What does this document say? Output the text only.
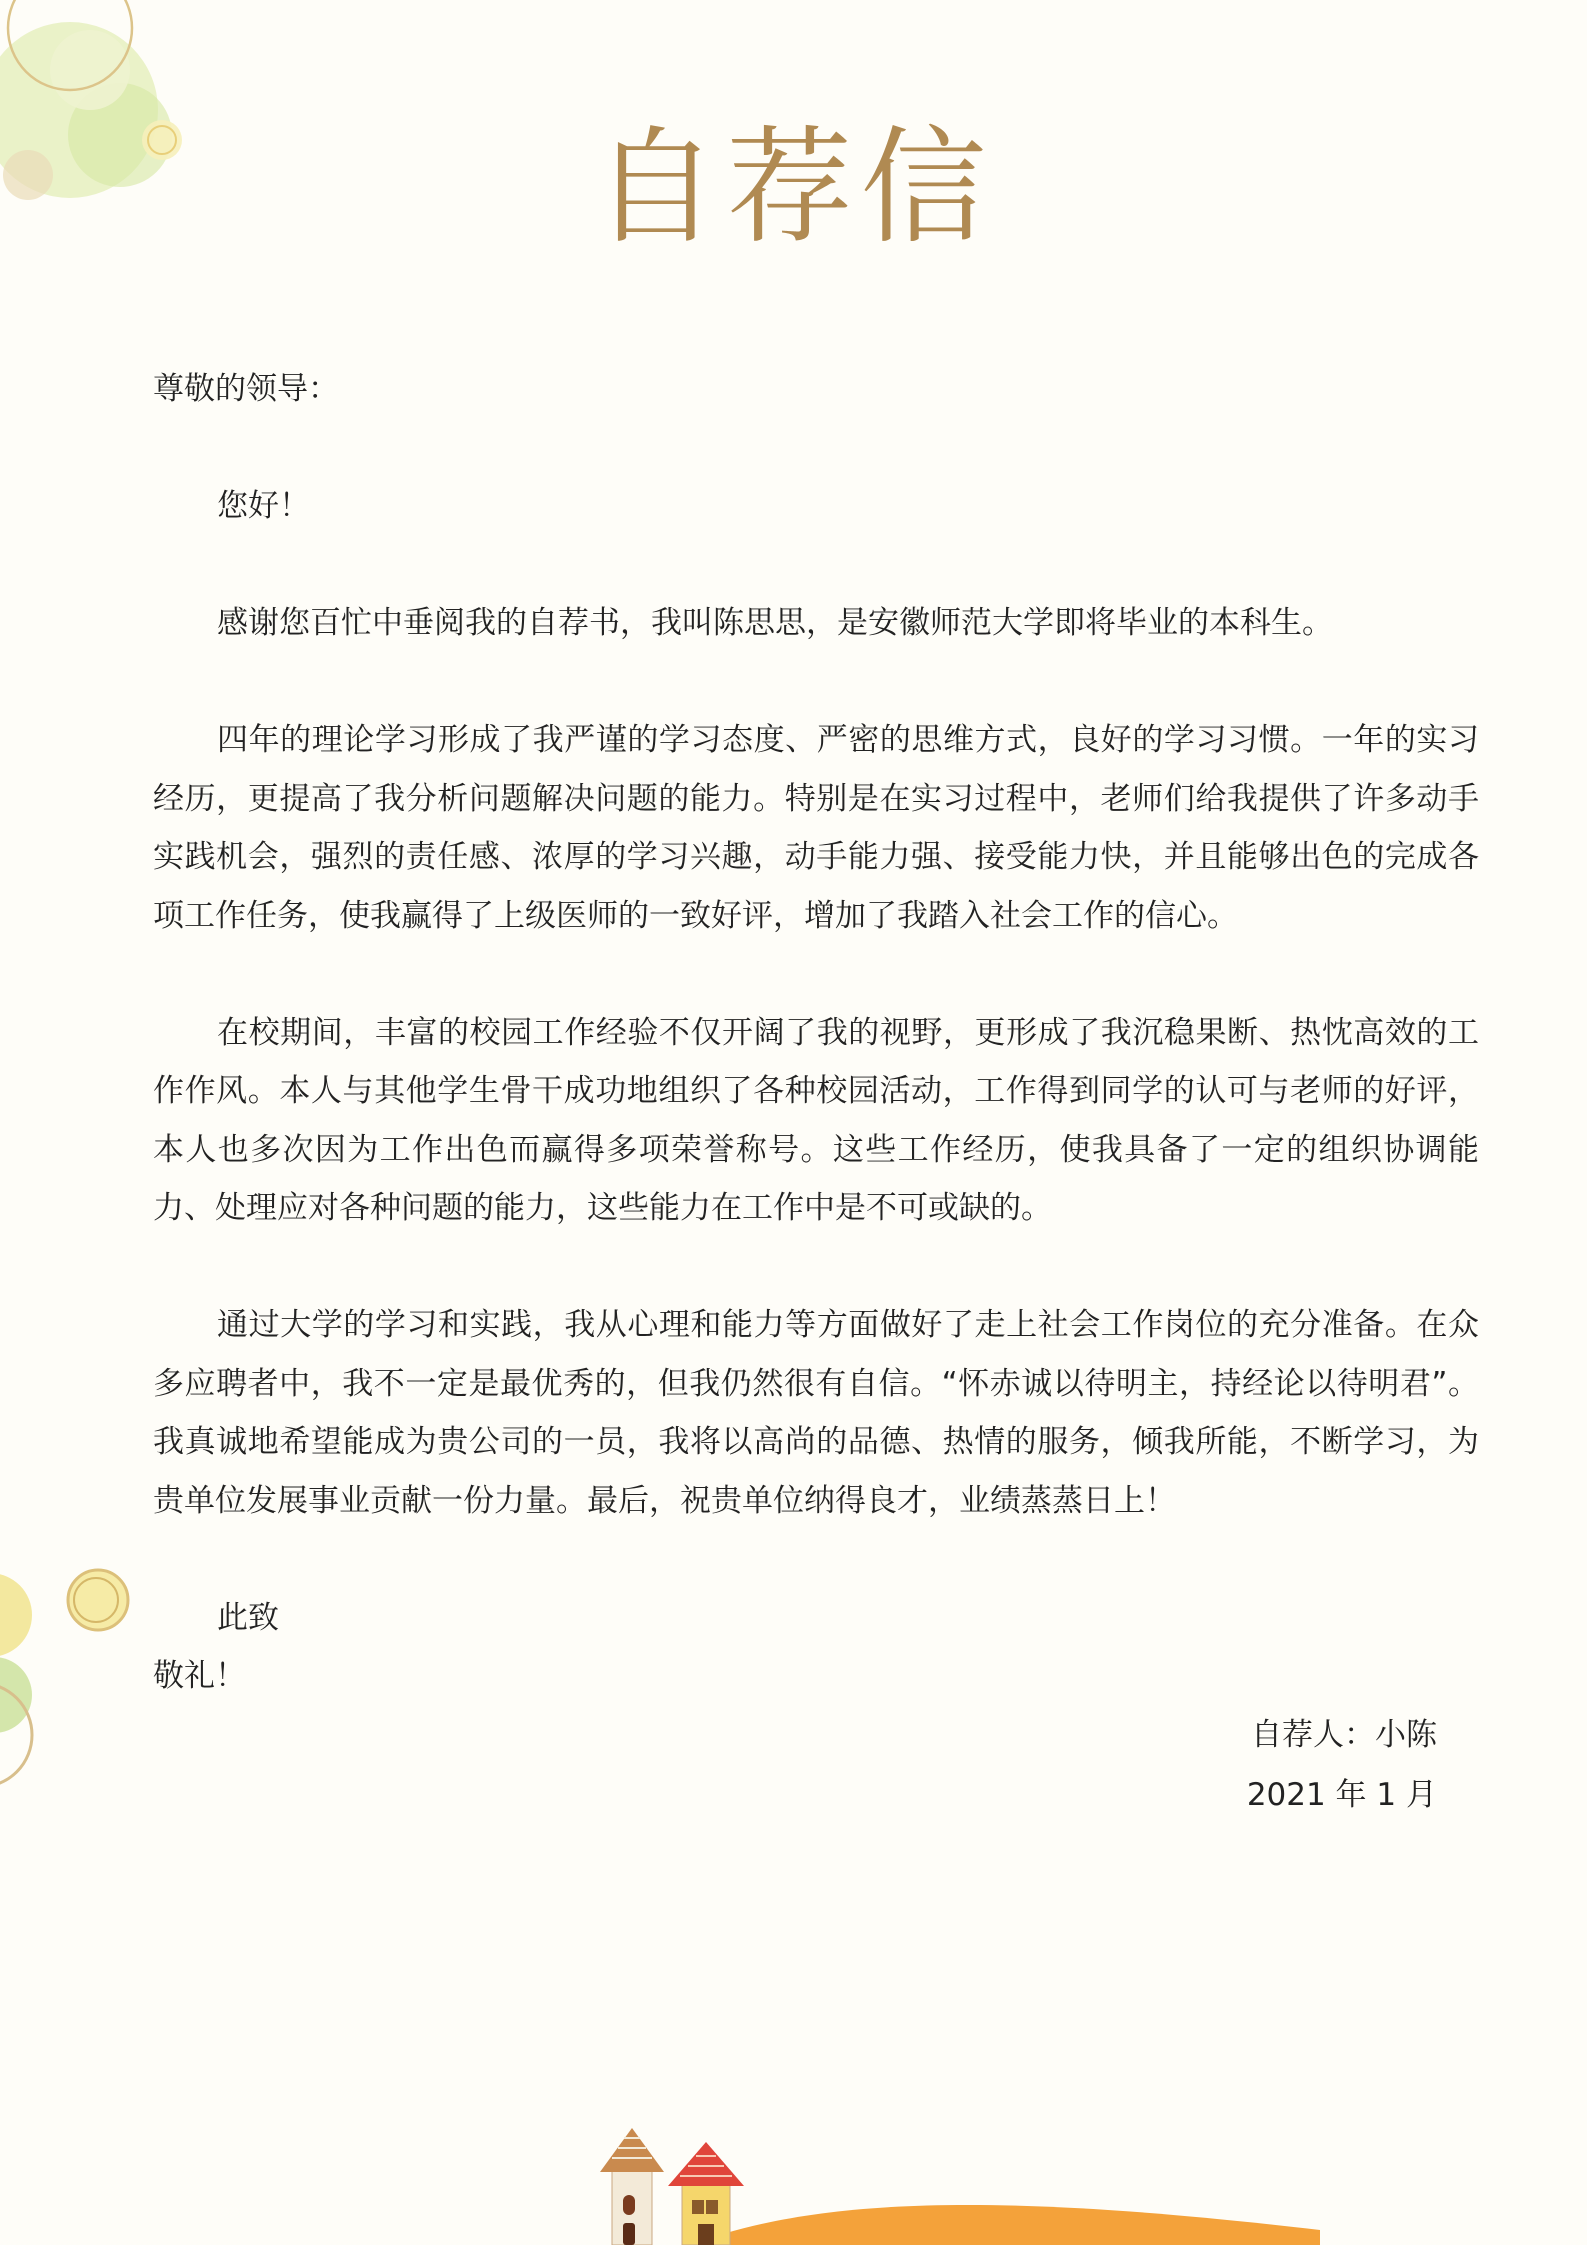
自荐信

尊敬的领导：

您好！

感谢您百忙中垂阅我的自荐书，我叫陈思思，是安徽师范大学即将毕业的本科生。

四年的理论学习形成了我严谨的学习态度、严密的思维方式，良好的学习习惯。一年的实习经历，更提高了我分析问题解决问题的能力。特别是在实习过程中，老师们给我提供了许多动手实践机会，强烈的责任感、浓厚的学习兴趣，动手能力强、接受能力快，并且能够出色的完成各项工作任务，使我赢得了上级医师的一致好评，增加了我踏入社会工作的信心。

在校期间，丰富的校园工作经验不仅开阔了我的视野，更形成了我沉稳果断、热忱高效的工作作风。本人与其他学生骨干成功地组织了各种校园活动，工作得到同学的认可与老师的好评，本人也多次因为工作出色而赢得多项荣誉称号。这些工作经历，使我具备了一定的组织协调能力、处理应对各种问题的能力，这些能力在工作中是不可或缺的。

通过大学的学习和实践，我从心理和能力等方面做好了走上社会工作岗位的充分准备。在众多应聘者中，我不一定是最优秀的，但我仍然很有自信。“怀赤诚以待明主，持经论以待明君”。我真诚地希望能成为贵公司的一员，我将以高尚的品德、热情的服务，倾我所能，不断学习，为贵单位发展事业贡献一份力量。最后，祝贵单位纳得良才，业绩蒸蒸日上！

此致

敬礼！

自荐人：小陈

2021 年 1 月
